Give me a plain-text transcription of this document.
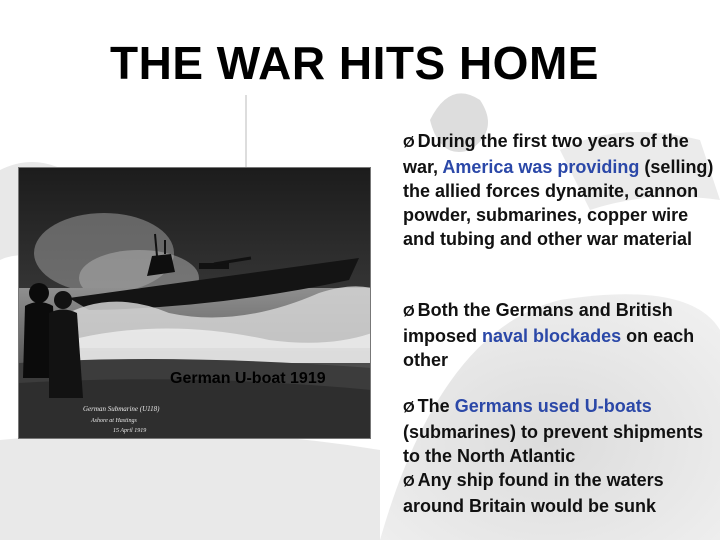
THE WAR HITS HOME
German Submarine (U118)
Ashore at Hastings
15 April 1919
German U-boat 1919
Ø During the first two years of the war, America was providing (selling) the allied forces dynamite, cannon powder, submarines, copper wire and tubing and other war material
Ø Both the Germans and British imposed naval blockades on each other
Ø The Germans used U-boats (submarines) to prevent shipments to the North Atlantic
Ø Any ship found in the waters around Britain would be sunk
